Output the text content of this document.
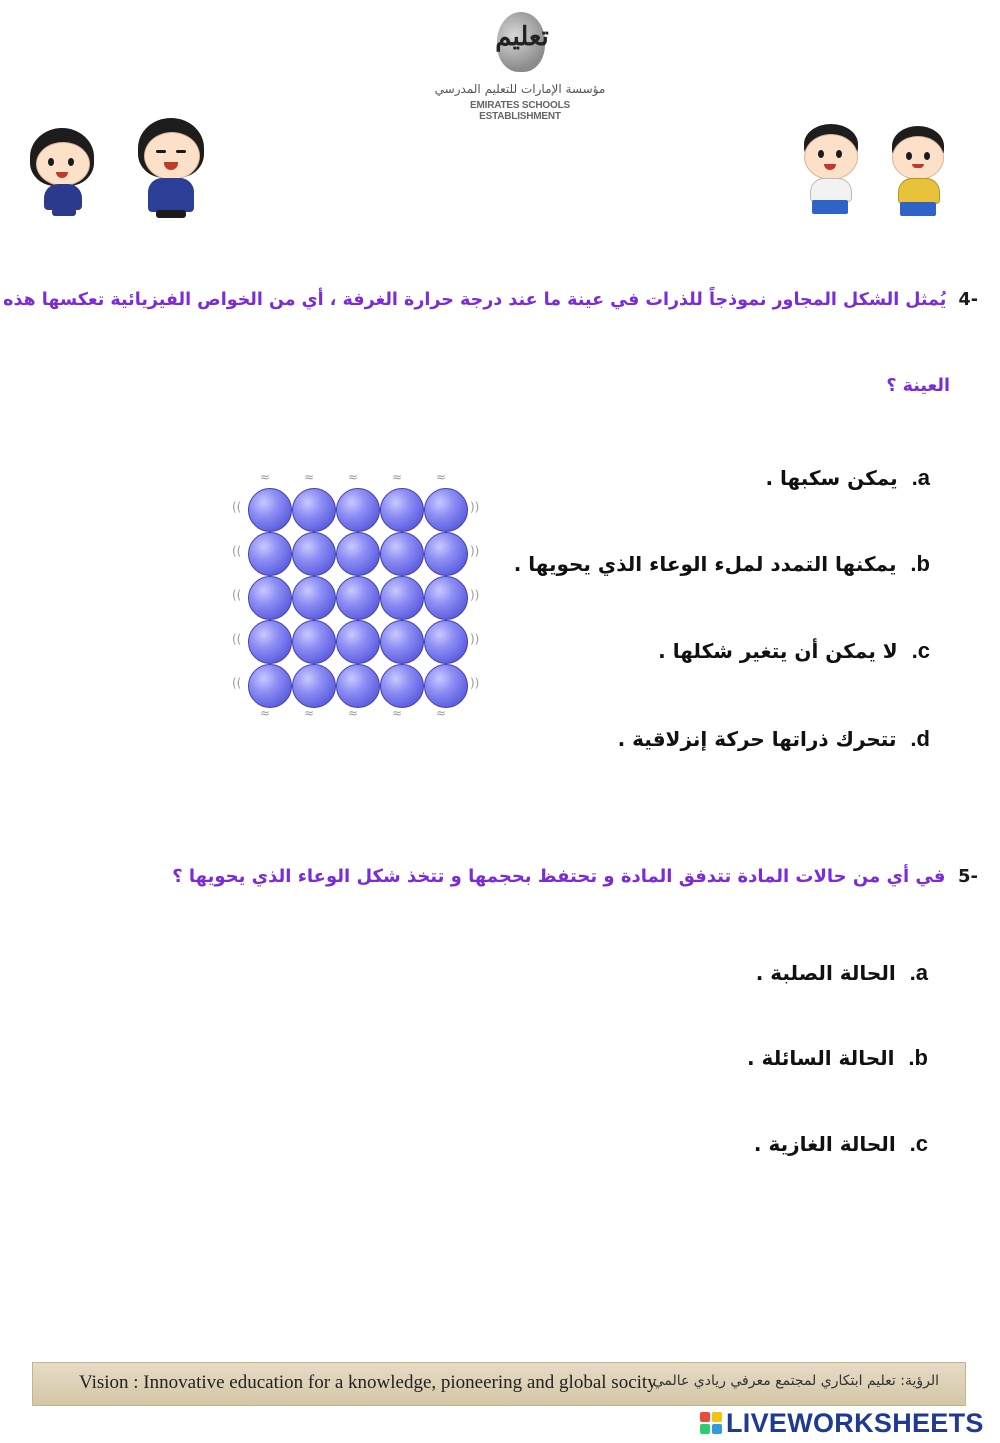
تعليم
مؤسسة الإمارات للتعليم المدرسي
EMIRATES SCHOOLS ESTABLISHMENT
-4  يُمثل الشكل المجاور نموذجاً للذرات في عينة ما عند درجة حرارة الغرفة ، أي من الخواص الفيزيائية تعكسها هذه
العينة ؟
a.  يمكن سكبها .
b.  يمكنها التمدد لملء الوعاء الذي يحويها .
c.  لا يمكن أن يتغير شكلها .
d.  تتحرك ذراتها حركة إنزلاقية .
≈
≈
≈
≈
≈
≈
≈
≈
≈
≈
((	))
((	))
((	))
((	))
((	))
-5  في أي من حالات المادة تتدفق المادة و تحتفظ بحجمها و تتخذ شكل الوعاء الذي يحويها ؟
a.  الحالة الصلبة .
b.  الحالة السائلة .
c.  الحالة الغازية .
Vision : Innovative education for a knowledge, pioneering and global socity
الرؤية: تعليم ابتكاري لمجتمع معرفي ريادي عالمي
LIVEWORKSHEETS
